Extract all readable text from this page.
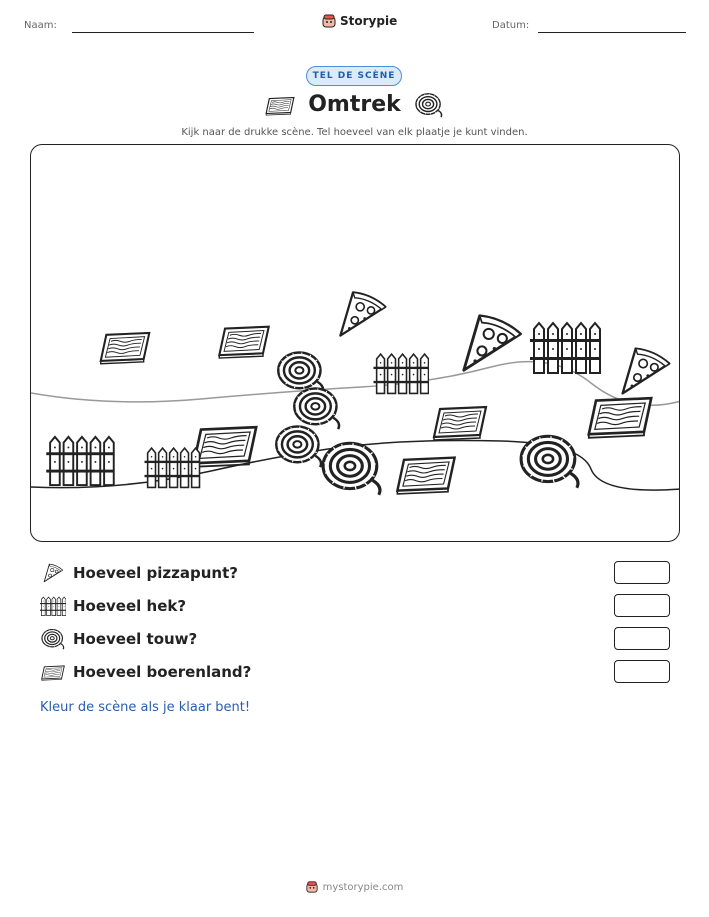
Naam:	Storypie	Datum:
TEL DE SCÈNE
Omtrek
Kijk naar de drukke scène. Tel hoeveel van elk plaatje je kunt vinden.
Hoeveel pizzapunt?
Hoeveel hek?
Hoeveel touw?
Hoeveel boerenland?
Kleur de scène als je klaar bent!
mystorypie.com
